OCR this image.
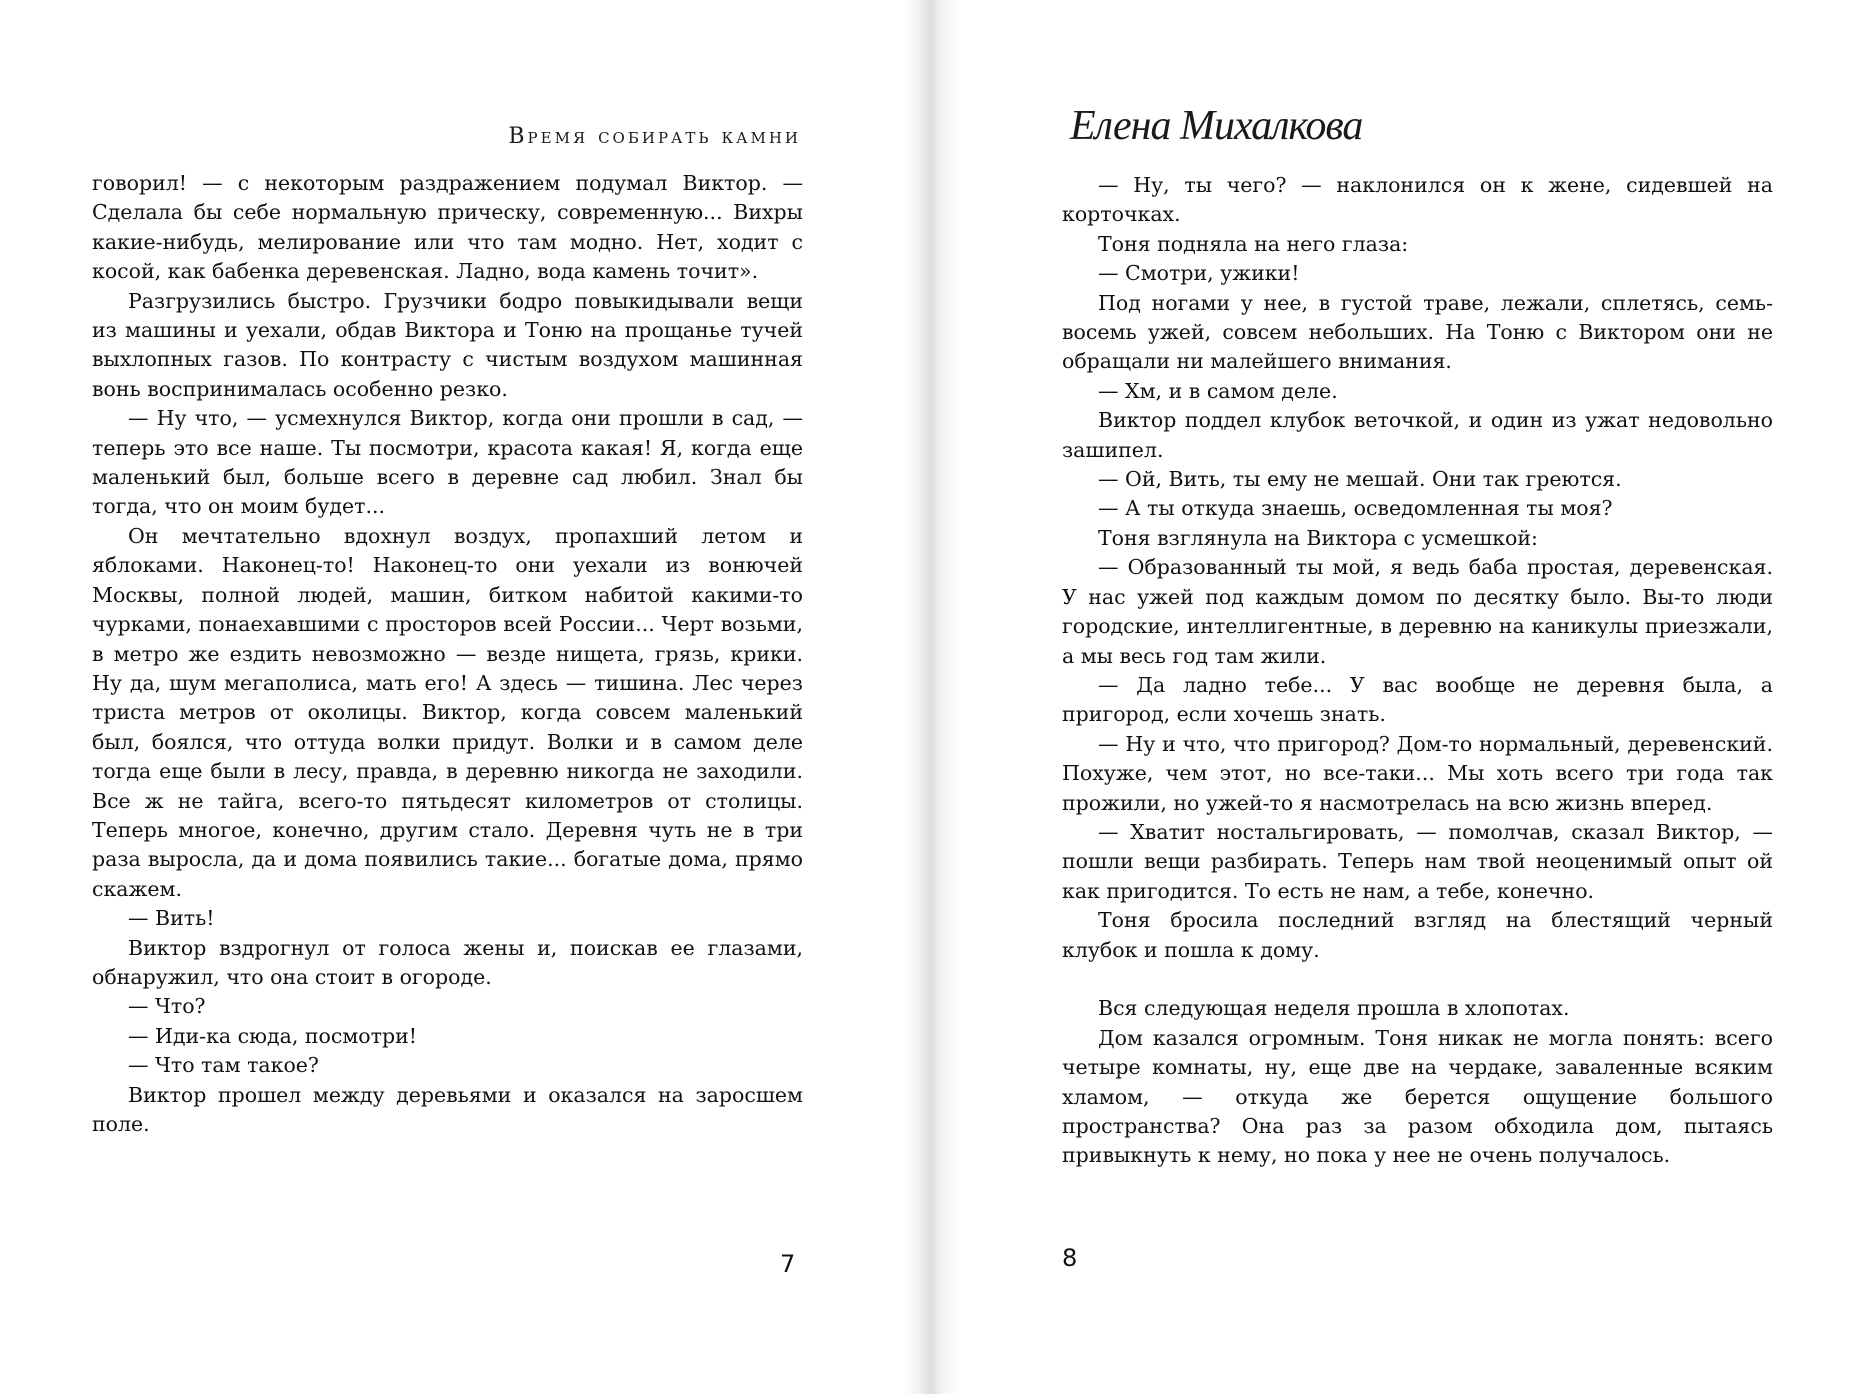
Время собирать камни

говорил! — с некоторым раздражением подумал Виктор. — Сделала бы себе нормальную прическу, современную... Вихры какие-нибудь, мелирование или что там модно. Нет, ходит с косой, как бабенка деревенская. Ладно, вода камень точит».

Разгрузились быстро. Грузчики бодро повыкидывали вещи из машины и уехали, обдав Виктора и Тоню на прощанье тучей выхлопных газов. По контрасту с чистым воздухом машинная вонь воспринималась особенно резко.

— Ну что, — усмехнулся Виктор, когда они прошли в сад, — теперь это все наше. Ты посмотри, красота какая! Я, когда еще маленький был, больше всего в деревне сад любил. Знал бы тогда, что он моим будет...

Он мечтательно вдохнул воздух, пропахший летом и яблоками. Наконец-то! Наконец-то они уехали из вонючей Москвы, полной людей, машин, битком набитой какими-то чурками, понаехавшими с просторов всей России... Черт возьми, в метро же ездить невозможно — везде нищета, грязь, крики. Ну да, шум мегаполиса, мать его! А здесь — тишина. Лес через триста метров от околицы. Виктор, когда совсем маленький был, боялся, что оттуда волки придут. Волки и в самом деле тогда еще были в лесу, правда, в деревню никогда не заходили. Все ж не тайга, всего-то пятьдесят километров от столицы. Теперь многое, конечно, другим стало. Деревня чуть не в три раза выросла, да и дома появились такие... богатые дома, прямо скажем.

— Вить!

Виктор вздрогнул от голоса жены и, поискав ее глазами, обнаружил, что она стоит в огороде.

— Что?

— Иди-ка сюда, посмотри!

— Что там такое?

Виктор прошел между деревьями и оказался на заросшем поле.

7
Елена Михалкова

— Ну, ты чего? — наклонился он к жене, сидевшей на корточках.

Тоня подняла на него глаза:

— Смотри, ужики!

Под ногами у нее, в густой траве, лежали, сплетясь, семь-восемь ужей, совсем небольших. На Тоню с Виктором они не обращали ни малейшего внимания.

— Хм, и в самом деле.

Виктор поддел клубок веточкой, и один из ужат недовольно зашипел.

— Ой, Вить, ты ему не мешай. Они так греются.

— А ты откуда знаешь, осведомленная ты моя?

Тоня взглянула на Виктора с усмешкой:

— Образованный ты мой, я ведь баба простая, деревенская. У нас ужей под каждым домом по десятку было. Вы-то люди городские, интеллигентные, в деревню на каникулы приезжали, а мы весь год там жили.

— Да ладно тебе... У вас вообще не деревня была, а пригород, если хочешь знать.

— Ну и что, что пригород? Дом-то нормальный, деревенский. Похуже, чем этот, но все-таки... Мы хоть всего три года так прожили, но ужей-то я насмотрелась на всю жизнь вперед.

— Хватит ностальгировать, — помолчав, сказал Виктор, — пошли вещи разбирать. Теперь нам твой неоценимый опыт ой как пригодится. То есть не нам, а тебе, конечно.

Тоня бросила последний взгляд на блестящий черный клубок и пошла к дому.

Вся следующая неделя прошла в хлопотах.

Дом казался огромным. Тоня никак не могла понять: всего четыре комнаты, ну, еще две на чердаке, заваленные всяким хламом, — откуда же берется ощущение большого пространства? Она раз за разом обходила дом, пытаясь привыкнуть к нему, но пока у нее не очень получалось.

8
